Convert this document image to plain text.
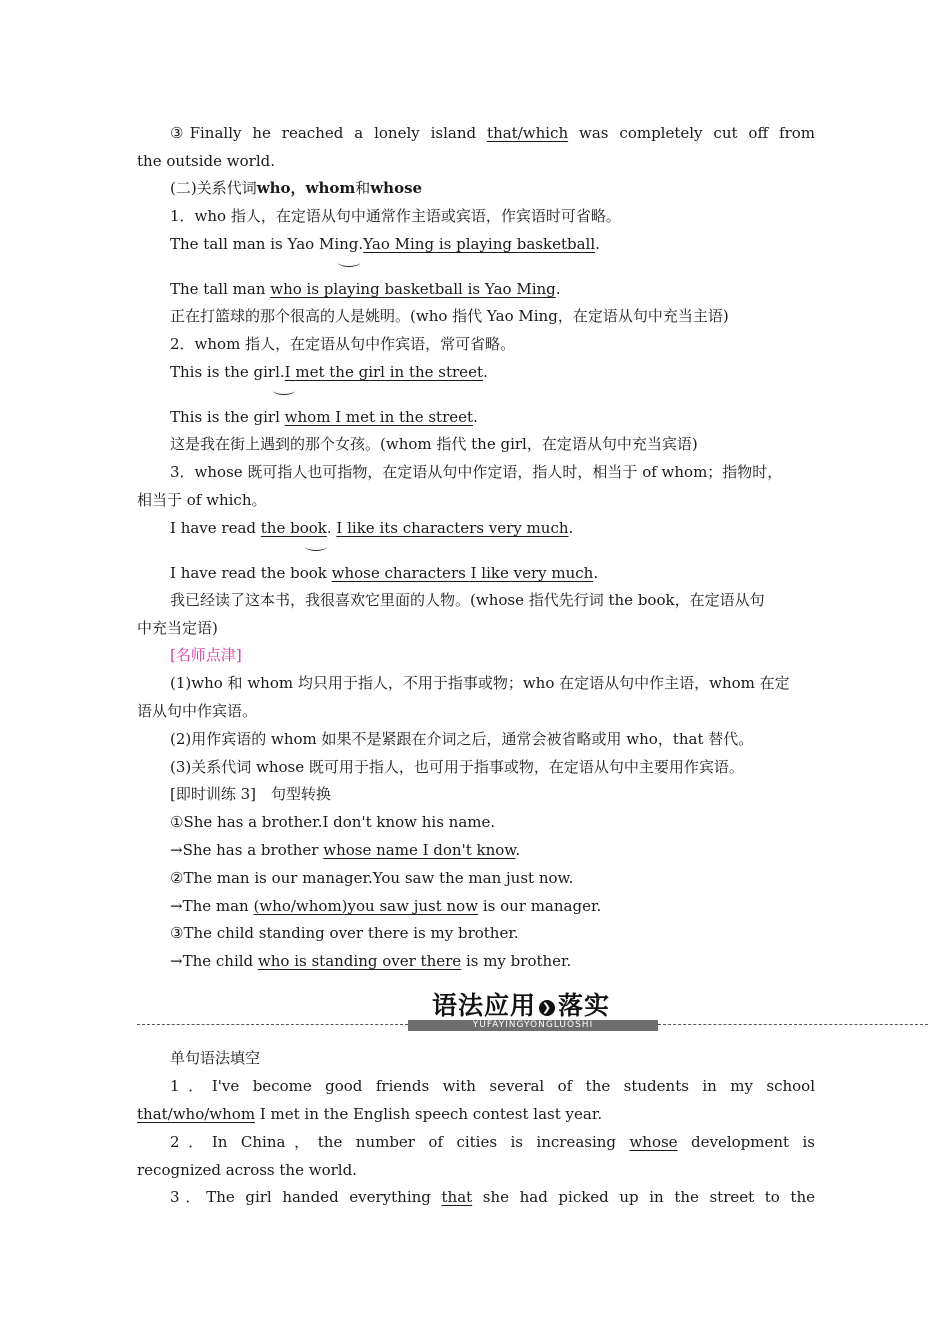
③Finally he reached a lonely island that/which was completely cut off from
the outside world.
(二)关系代词who，whom和whose
1．who 指人，在定语从句中通常作主语或宾语，作宾语时可省略。
The tall man is Yao Ming.Yao Ming is playing basketball.
The tall man who is playing basketball is Yao Ming.
正在打篮球的那个很高的人是姚明。(who 指代 Yao Ming，在定语从句中充当主语)
2．whom 指人，在定语从句中作宾语，常可省略。
This is the girl.I met the girl in the street.
This is the girl whom I met in the street.
这是我在街上遇到的那个女孩。(whom 指代 the girl，在定语从句中充当宾语)
3．whose 既可指人也可指物，在定语从句中作定语，指人时，相当于 of whom；指物时，
相当于 of which。
I have read the book. I like its characters very much.
I have read the book whose characters I like very much.
我已经读了这本书，我很喜欢它里面的人物。(whose 指代先行词 the book，在定语从句
中充当定语)
[名师点津]
(1)who 和 whom 均只用于指人，不用于指事或物；who 在定语从句中作主语，whom 在定
语从句中作宾语。
(2)用作宾语的 whom 如果不是紧跟在介词之后，通常会被省略或用 who，that 替代。
(3)关系代词 whose 既可用于指人，也可用于指事或物，在定语从句中主要用作宾语。
[即时训练 3]　句型转换
①She has a brother.I don't know his name.
→She has a brother whose name I don't know.
②The man is our manager.You saw the man just now.
→The man (who/whom)you saw just now is our manager.
③The child standing over there is my brother.
→The child who is standing over there is my brother.
语法应用 ❯ 落实
YUFAYINGYONGLUOSHI
单句语法填空
1．I've become good friends with several of the students in my school
that/who/whom I met in the English speech contest last year.
2．In China，the number of cities is increasing whose development is
recognized across the world.
3．The girl handed everything that she had picked up in the street to the
